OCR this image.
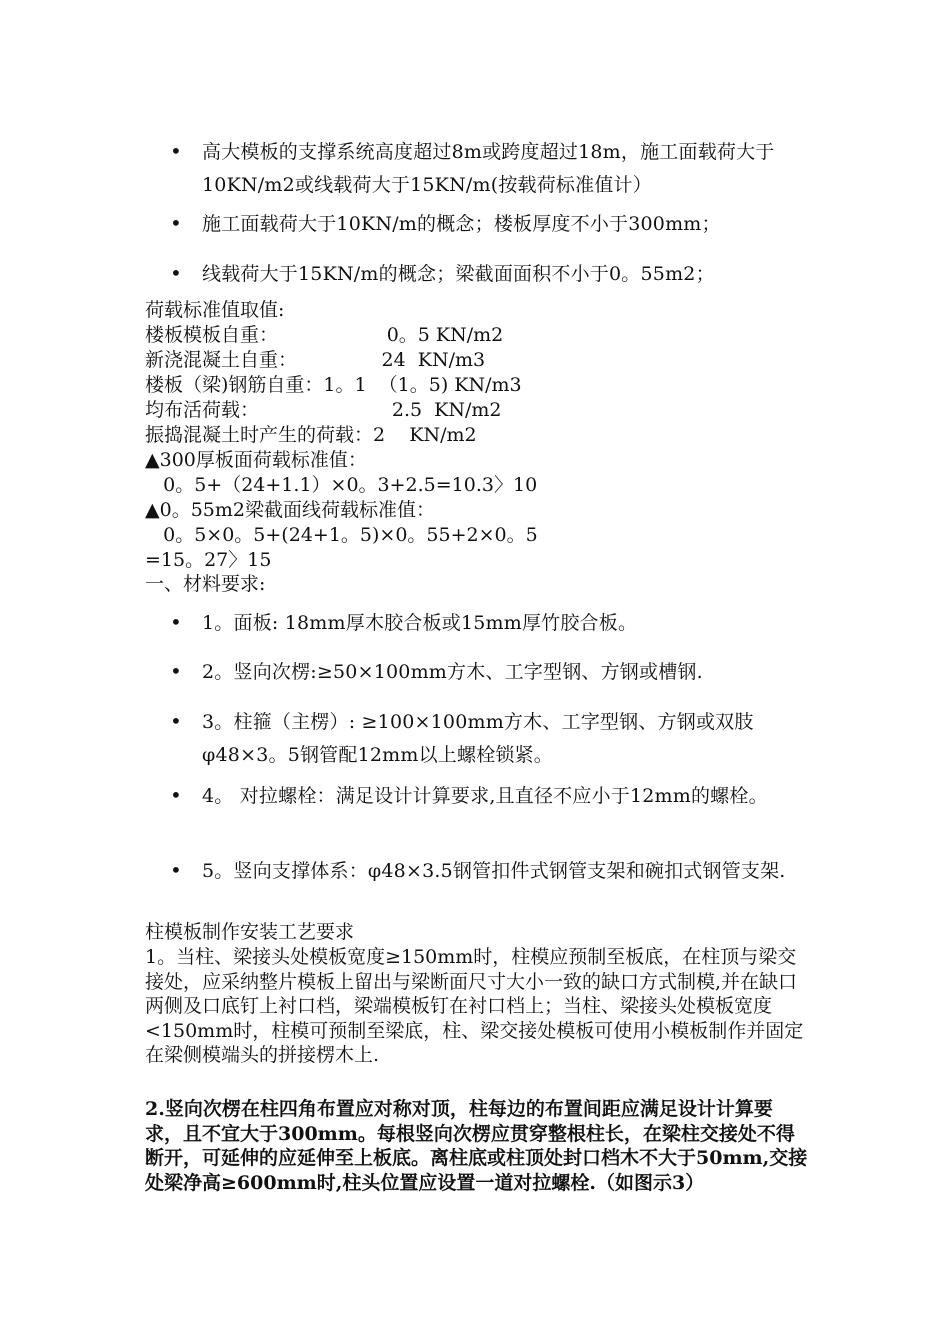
• 高大模板的支撑系统高度超过8m或跨度超过18m，施工面载荷大于10KN/m2或线载荷大于15KN/m(按载荷标准值计）
• 施工面载荷大于10KN/m的概念；楼板厚度不小于300mm；
• 线载荷大于15KN/m的概念；梁截面面积不小于0。55m2；
荷载标准值取值:
楼板模板自重：                  0。5 KN/m2
新浇混凝土自重：              24  KN/m3
楼板（梁)钢筋自重：1。1  （1。5) KN/m3
均布活荷载：                      2.5  KN/m2
振捣混凝土时产生的荷载：2    KN/m2
▲300厚板面荷载标准值：
0。5+（24+1.1）×0。3+2.5=10.3〉10
▲0。55m2梁截面线荷载标准值：
0。5×0。5+(24+1。5)×0。55+2×0。5
=15。27〉15
一、材料要求:
• 1。面板: 18mm厚木胶合板或15mm厚竹胶合板。
• 2。竖向次楞:≥50×100mm方木、工字型钢、方钢或槽钢.
• 3。柱箍（主楞）: ≥100×100mm方木、工字型钢、方钢或双肢φ48×3。5钢管配12mm以上螺栓锁紧。
• 4。 对拉螺栓：满足设计计算要求,且直径不应小于12mm的螺栓。
• 5。竖向支撑体系：φ48×3.5钢管扣件式钢管支架和碗扣式钢管支架.
柱模板制作安装工艺要求
1。当柱、梁接头处模板宽度≥150mm时，柱模应预制至板底，在柱顶与梁交接处，应采纳整片模板上留出与梁断面尺寸大小一致的缺口方式制模,并在缺口两侧及口底钉上衬口档，梁端模板钉在衬口档上；当柱、梁接头处模板宽度<150mm时，柱模可预制至梁底，柱、梁交接处模板可使用小模板制作并固定在梁侧模端头的拼接楞木上.
2.竖向次楞在柱四角布置应对称对顶，柱每边的布置间距应满足设计计算要求，且不宜大于300mm。每根竖向次楞应贯穿整根柱长，在梁柱交接处不得断开，可延伸的应延伸至上板底。离柱底或柱顶处封口档木不大于50mm,交接处梁净高≥600mm时,柱头位置应设置一道对拉螺栓.（如图示3）
